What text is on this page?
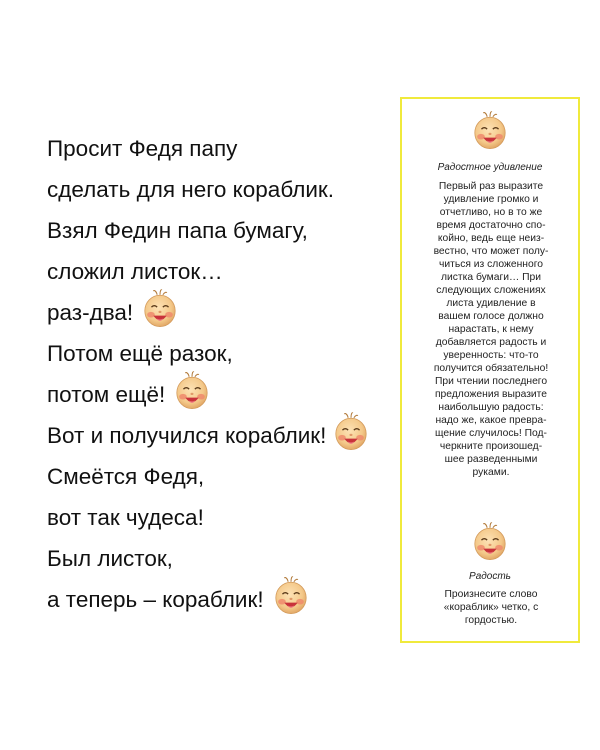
Просит Федя папу
сделать для него кораблик.
Взял Федин папа бумагу,
сложил листок…
раз-два!
Потом ещё разок,
потом ещё!
Вот и получился кораблик!
Смеётся Федя,
вот так чудеса!
Был листок,
а теперь – кораблик!
Радостное удивление
Первый раз выразите
удивление громко и
отчетливо, но в то же
время достаточно спо-
койно, ведь еще неиз-
вестно, что может полу-
читься из сложенного
листка бумаги… При
следующих сложениях
листа удивление в
вашем голосе должно
нарастать, к нему
добавляется радость и
уверенность: что-то
получится обязательно!
При чтении последнего
предложения выразите
наибольшую радость:
надо же, какое превра-
щение случилось! Под-
черкните произошед-
шее разведенными
руками.
Радость
Произнесите слово
«кораблик» четко, с
гордостью.
